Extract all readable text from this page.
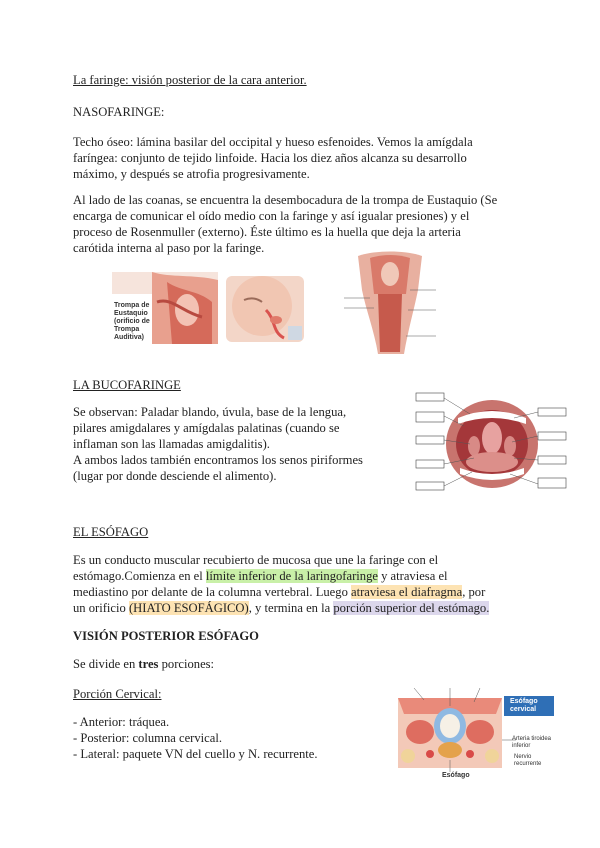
La faringe: visión posterior de la cara anterior.

NASOFARINGE:

Techo óseo: lámina basilar del occipital y hueso esfenoides. Vemos la amígdala

faríngea: conjunto de tejido linfoide. Hacia los diez años alcanza su desarrollo

máximo, y después se atrofia progresivamente.

Al lado de las coanas, se encuentra la desembocadura de la trompa de Eustaquio (Se

encarga de comunicar el oído medio con la faringe y así igualar presiones) y el

proceso de Rosenmuller (externo). Éste último es la huella que deja la arteria

carótida interna al paso por la faringe.

Trompa de
Eustaquio
(orificio de
Trompa
Auditiva)

LA BUCOFARINGE

Se observan: Paladar blando, úvula, base de la lengua,

pilares amigdalares y amígdalas palatinas (cuando se

inflaman son las llamadas amigdalitis).

A ambos lados también encontramos los senos piriformes

(lugar por donde desciende el alimento).

EL ESÓFAGO

Es un conducto muscular recubierto de mucosa que une la faringe con el

estómago.Comienza en el límite inferior de la laringofaringe y atraviesa el

mediastino por delante de la columna vertebral. Luego atraviesa el diafragma, por

un orificio (HIATO ESOFÁGICO), y termina en la porción superior del estómago.

VISIÓN POSTERIOR ESÓFAGO

Se divide en tres porciones:

Porción Cervical:

- Anterior: tráquea.

- Posterior: columna cervical.

- Lateral: paquete VN del cuello y N. recurrente.

Esófago
cervical
Arteria tiroidea
inferior
Nervio
recurrente
Esófago
